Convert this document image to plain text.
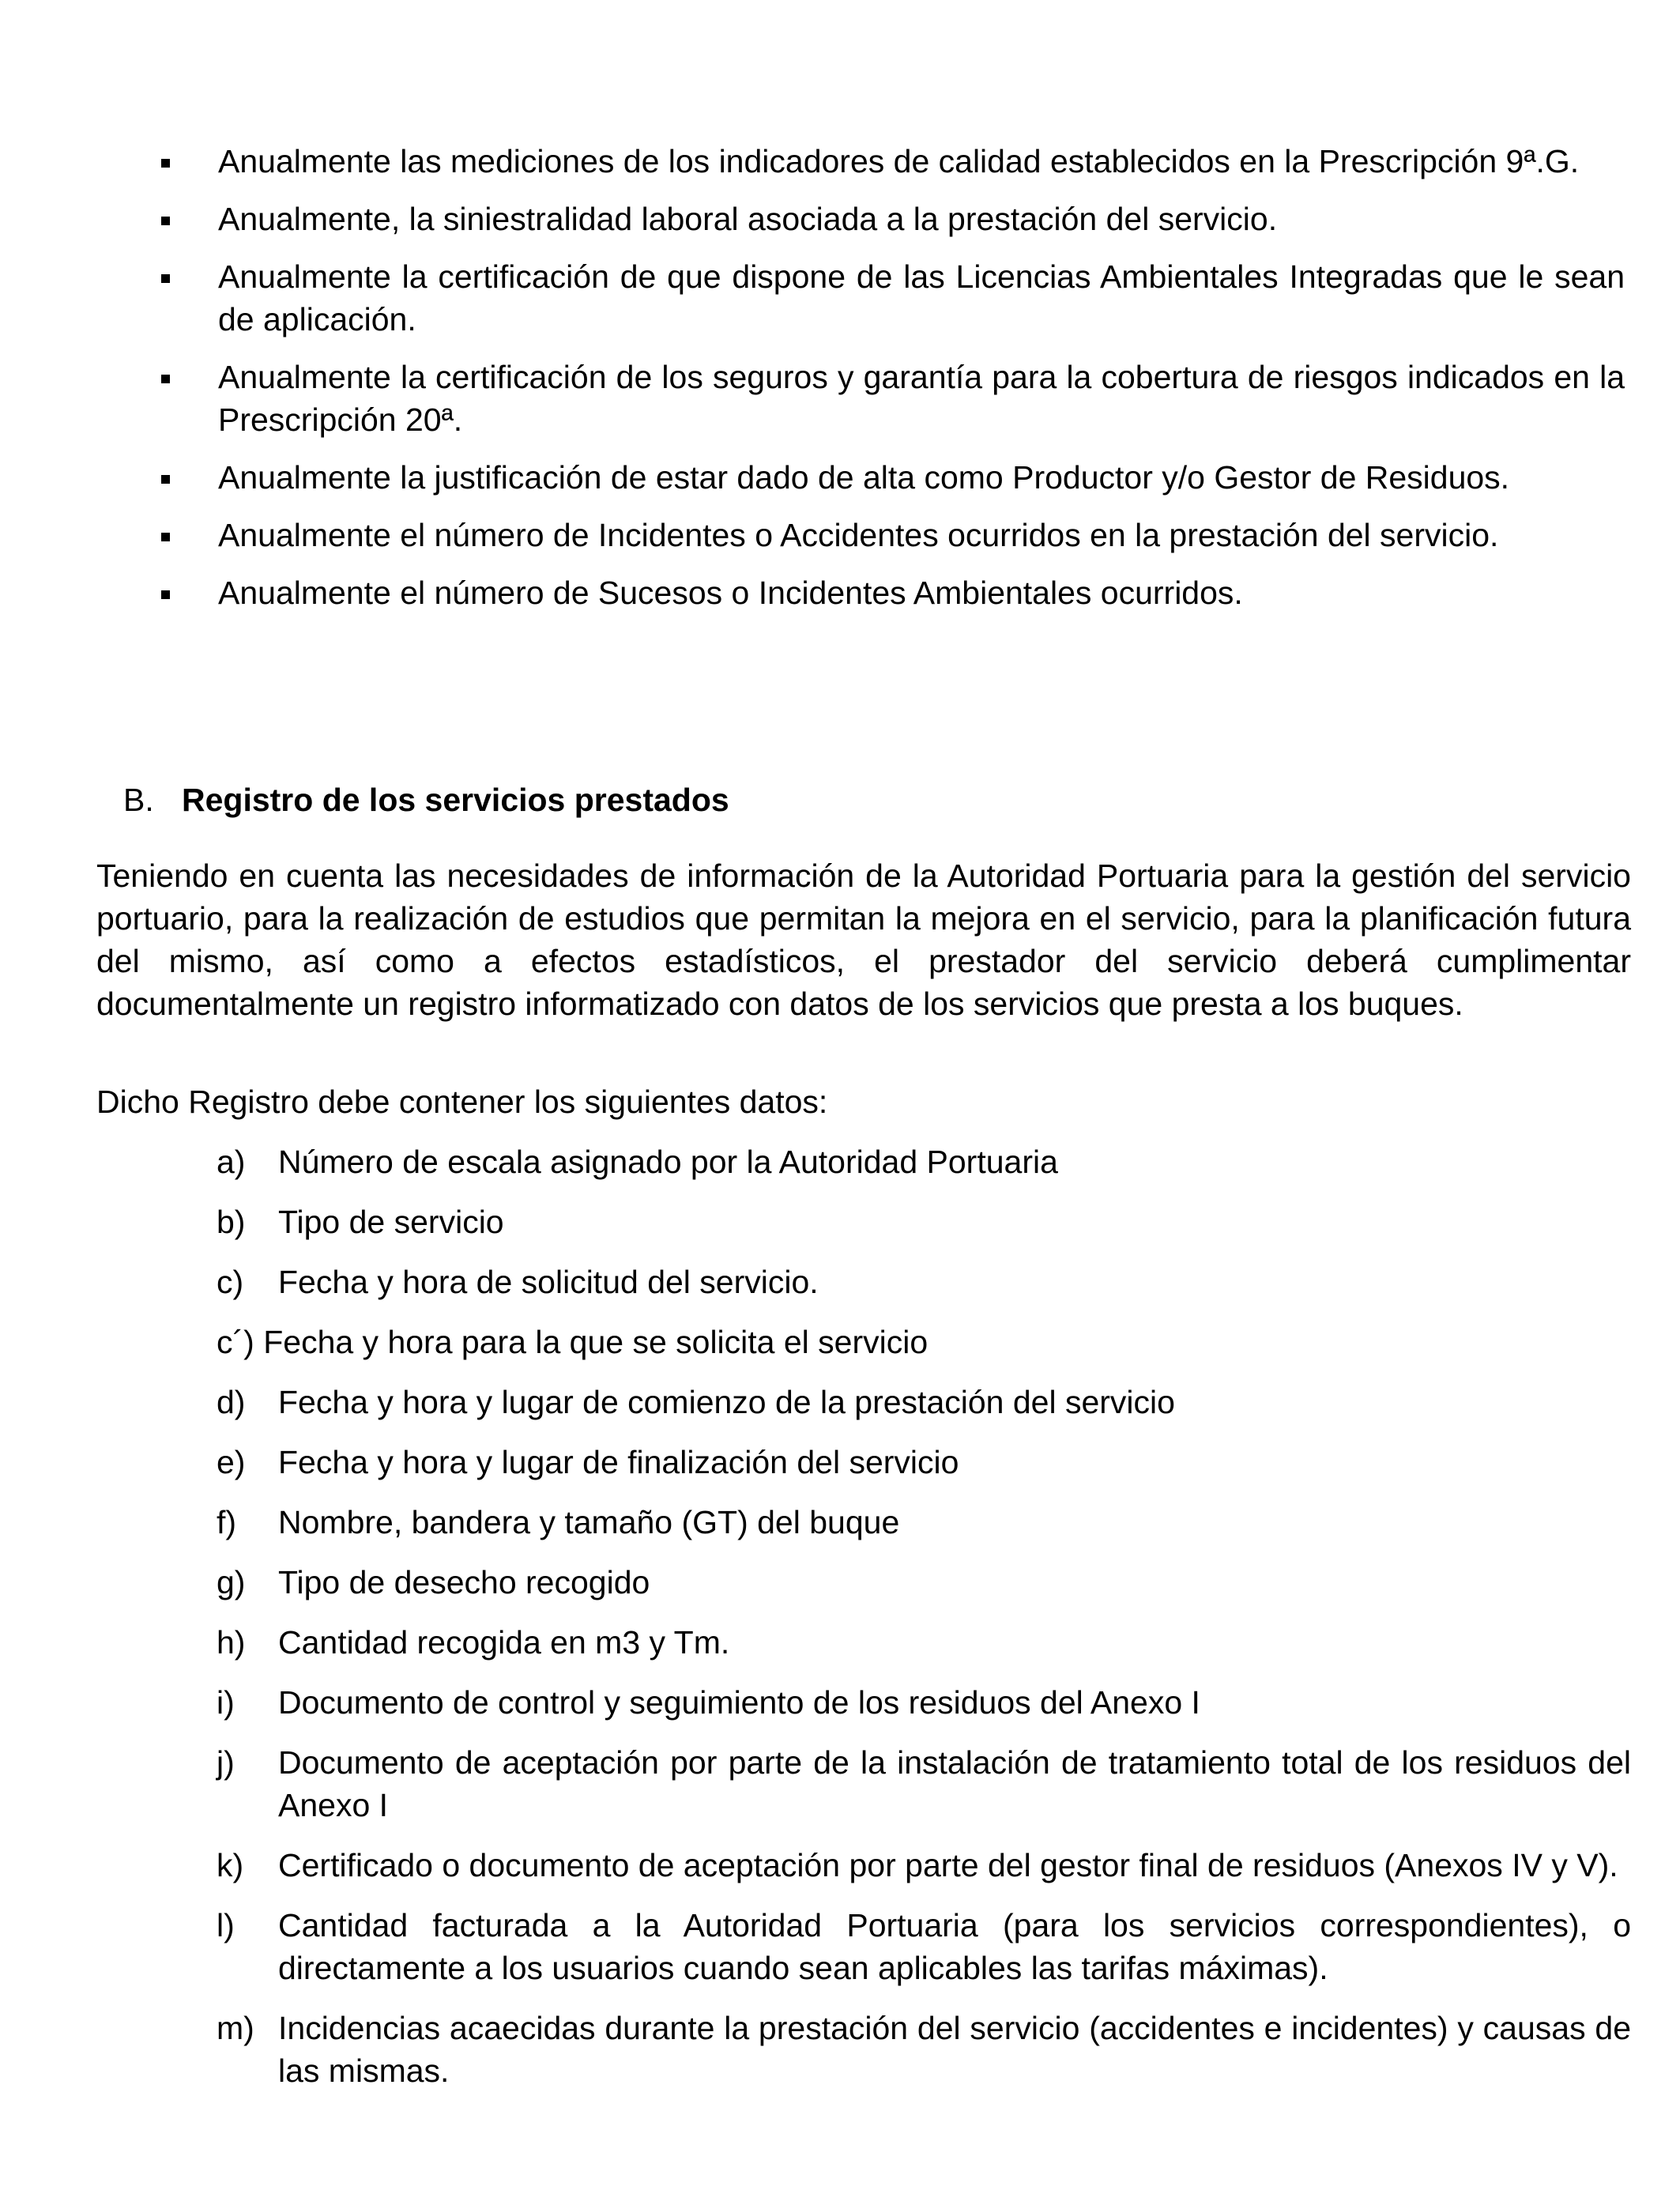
Anualmente las mediciones de los indicadores de calidad establecidos en la Prescripción 9ª.G.
Anualmente, la siniestralidad laboral asociada a la prestación del servicio.
Anualmente la certificación de que dispone de las Licencias Ambientales Integradas que le sean de aplicación.
Anualmente la certificación de los seguros y garantía para la cobertura de riesgos indicados en la Prescripción 20ª.
Anualmente la justificación de estar dado de alta como Productor y/o Gestor de Residuos.
Anualmente el número de Incidentes o Accidentes ocurridos en la prestación del servicio.
Anualmente el número de Sucesos o Incidentes Ambientales ocurridos.
B. Registro de los servicios prestados

Teniendo en cuenta las necesidades de información de la Autoridad Portuaria para la gestión del servicio portuario, para la realización de estudios que permitan la mejora en el servicio, para la planificación futura del mismo, así como a efectos estadísticos, el prestador del servicio deberá cumplimentar documentalmente un registro informatizado con datos de los servicios que presta a los buques.

Dicho Registro debe contener los siguientes datos:

a) Número de escala asignado por la Autoridad Portuaria
b) Tipo de servicio
c) Fecha y hora de solicitud del servicio.
c´) Fecha y hora para la que se solicita el servicio
d) Fecha y hora y lugar de comienzo de la prestación del servicio
e) Fecha y hora y lugar de finalización del servicio
f) Nombre, bandera y tamaño (GT) del buque
g) Tipo de desecho recogido
h) Cantidad recogida en m3 y Tm.
i) Documento de control y seguimiento de los residuos del Anexo I
j) Documento de aceptación por parte de la instalación de tratamiento total de los residuos del Anexo I
k) Certificado o documento de aceptación por parte del gestor final de residuos (Anexos IV y V).
l) Cantidad facturada a la Autoridad Portuaria (para los servicios correspondientes), o directamente a los usuarios cuando sean aplicables las tarifas máximas).
m) Incidencias acaecidas durante la prestación del servicio (accidentes e incidentes) y causas de las mismas.
